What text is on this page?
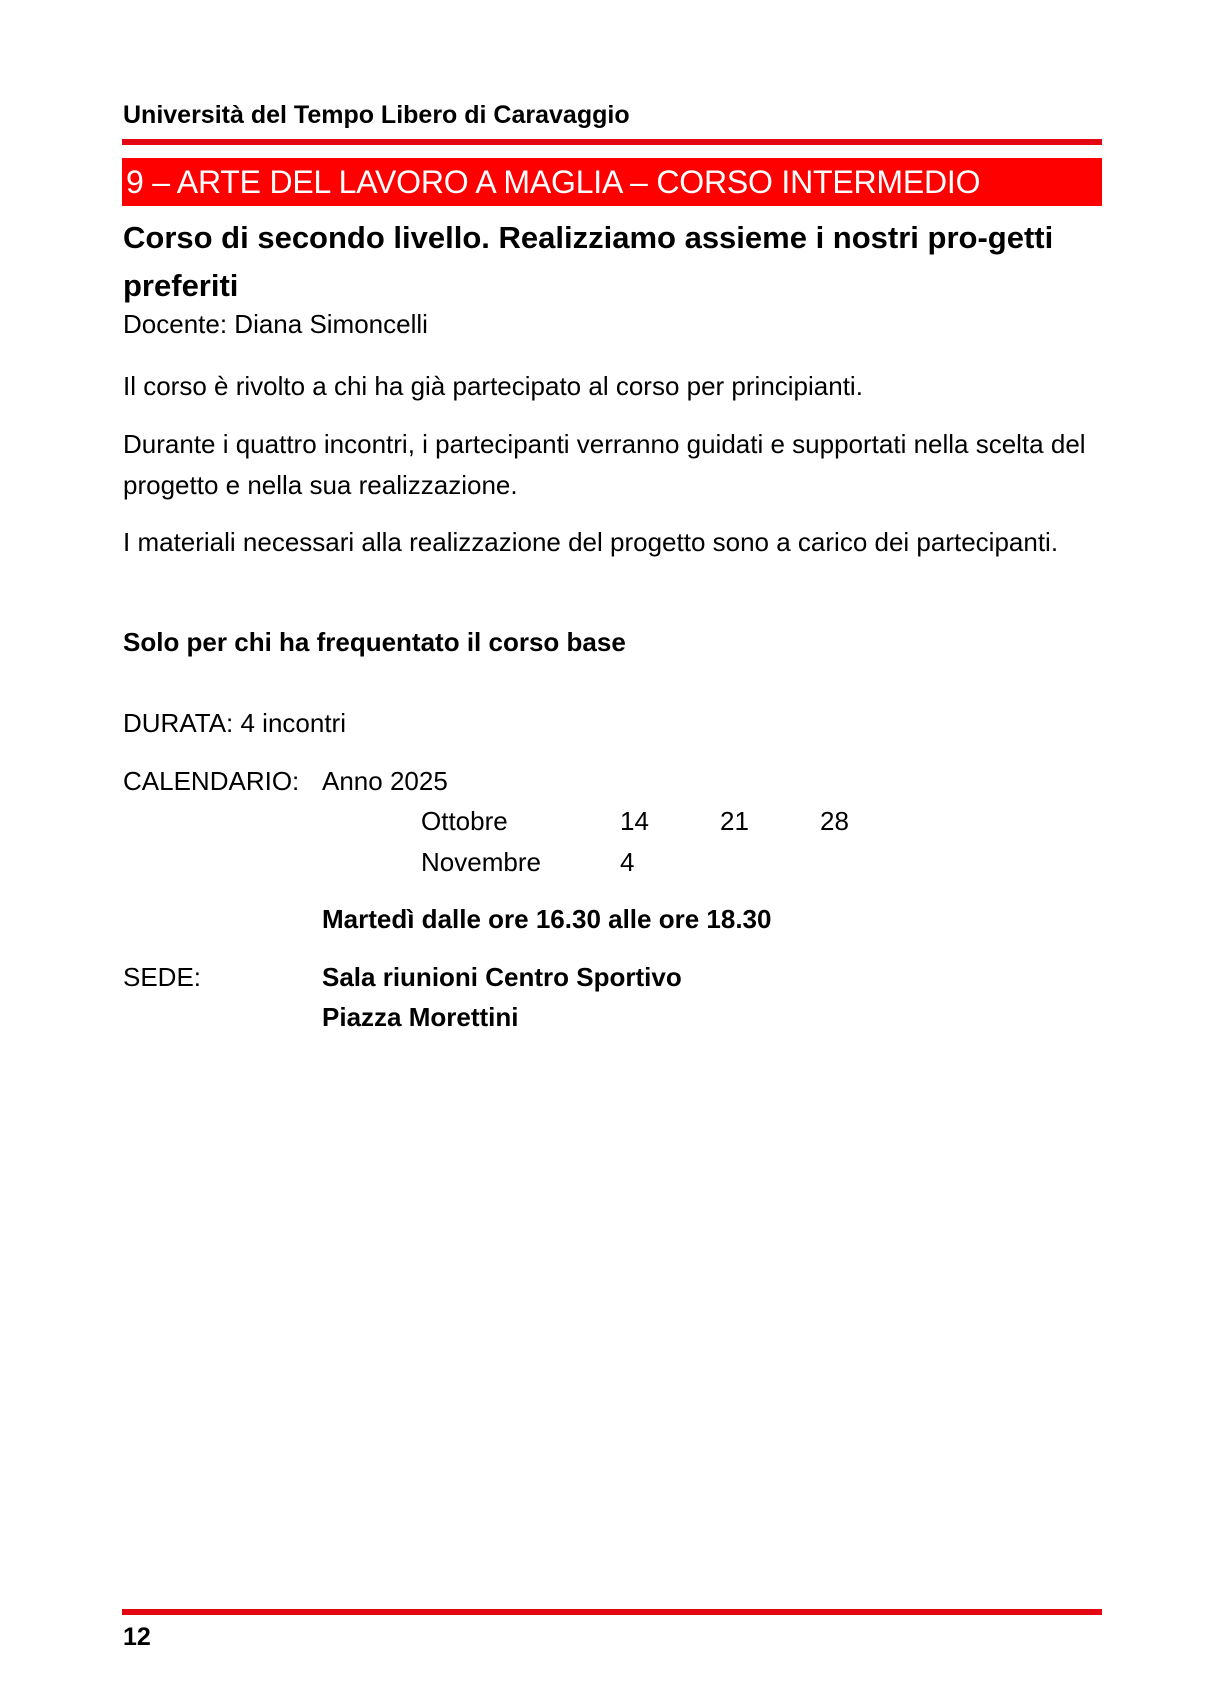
Università del Tempo Libero di Caravaggio
9 – ARTE DEL LAVORO A MAGLIA – CORSO INTERMEDIO
Corso di secondo livello. Realizziamo assieme i nostri pro-getti preferiti
Docente: Diana Simoncelli
Il corso è rivolto a chi ha già partecipato al corso per principianti.
Durante i quattro incontri, i partecipanti verranno guidati e supportati nella scelta del progetto e nella sua realizzazione.
I materiali necessari alla realizzazione del progetto sono a carico dei partecipanti.
Solo per chi ha frequentato il corso base
DURATA: 4 incontri
CALENDARIO: Anno 2025
Ottobre	14	21	28
Novembre	4
Martedì dalle ore 16.30 alle ore 18.30
SEDE:	Sala riunioni Centro Sportivo
Piazza Morettini
12
